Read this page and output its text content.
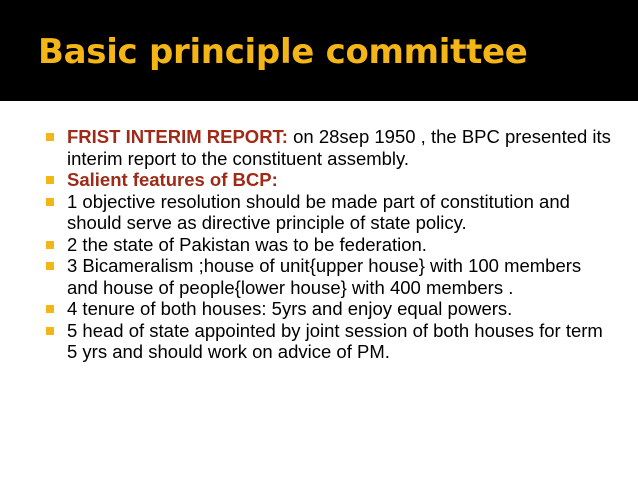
Basic principle committee
FRIST INTERIM REPORT: on 28sep 1950 , the BPC presented its interim report to the constituent assembly.
Salient features of BCP:
1 objective resolution should be made part of constitution and should serve as directive principle of state policy.
2 the state of Pakistan was to be federation.
3 Bicameralism ;house of unit{upper house} with 100 members and house of people{lower house} with 400 members .
4 tenure of both houses: 5yrs and enjoy equal powers.
5 head of state appointed by joint session of both houses for term 5 yrs and should work on advice of PM.
